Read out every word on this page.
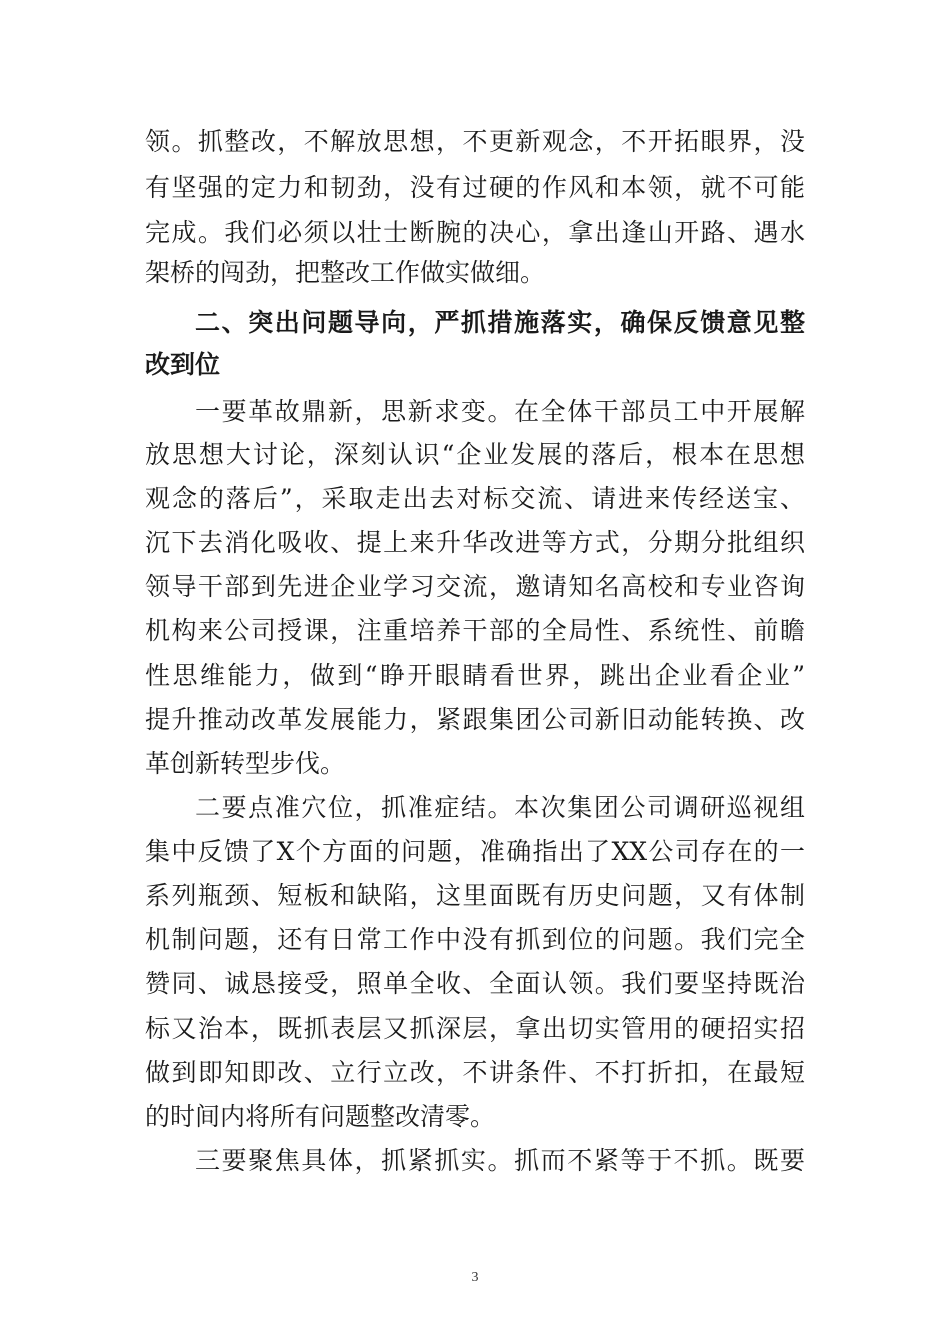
领。抓整改，不解放思想，不更新观念，不开拓眼界，没
有坚强的定力和韧劲，没有过硬的作风和本领，就不可能
完成。我们必须以壮士断腕的决心，拿出逢山开路、遇水
架桥的闯劲，把整改工作做实做细。
二、突出问题导向，严抓措施落实，确保反馈意见整
改到位
一要革故鼎新，思新求变。在全体干部员工中开展解
放思想大讨论，深刻认识“企业发展的落后，根本在思想
观念的落后”，采取走出去对标交流、请进来传经送宝、
沉下去消化吸收、提上来升华改进等方式，分期分批组织
领导干部到先进企业学习交流，邀请知名高校和专业咨询
机构来公司授课，注重培养干部的全局性、系统性、前瞻
性思维能力，做到“睁开眼睛看世界，跳出企业看企业”
提升推动改革发展能力，紧跟集团公司新旧动能转换、改
革创新转型步伐。
二要点准穴位，抓准症结。本次集团公司调研巡视组
集中反馈了X个方面的问题，准确指出了XX公司存在的一
系列瓶颈、短板和缺陷，这里面既有历史问题，又有体制
机制问题，还有日常工作中没有抓到位的问题。我们完全
赞同、诚恳接受，照单全收、全面认领。我们要坚持既治
标又治本，既抓表层又抓深层，拿出切实管用的硬招实招
做到即知即改、立行立改，不讲条件、不打折扣，在最短
的时间内将所有问题整改清零。
三要聚焦具体，抓紧抓实。抓而不紧等于不抓。既要
3
